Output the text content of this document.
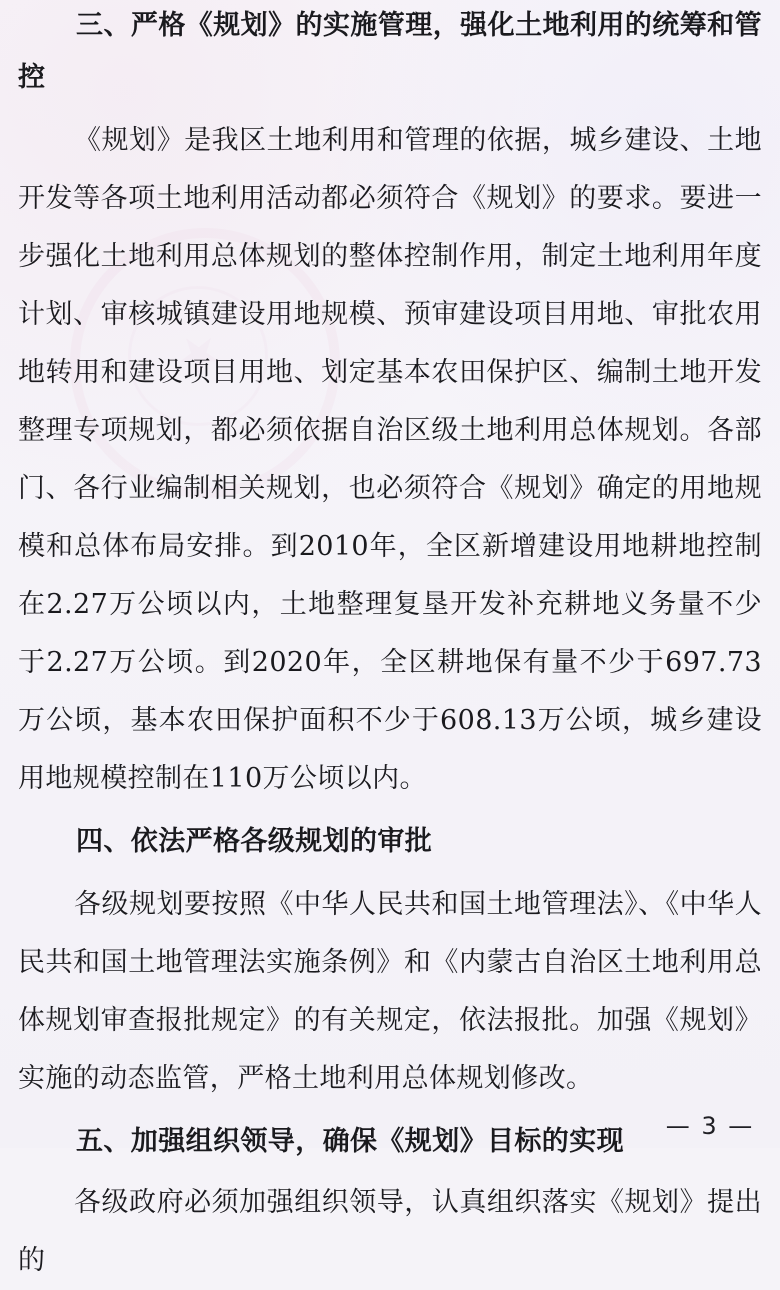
三、严格《规划》的实施管理，强化土地利用的统筹和管控

《规划》是我区土地利用和管理的依据，城乡建设、土地开发等各项土地利用活动都必须符合《规划》的要求。要进一步强化土地利用总体规划的整体控制作用，制定土地利用年度计划、审核城镇建设用地规模、预审建设项目用地、审批农用地转用和建设项目用地、划定基本农田保护区、编制土地开发整理专项规划，都必须依据自治区级土地利用总体规划。各部门、各行业编制相关规划，也必须符合《规划》确定的用地规模和总体布局安排。到2010年，全区新增建设用地耕地控制在2.27万公顷以内，土地整理复垦开发补充耕地义务量不少于2.27万公顷。到2020年，全区耕地保有量不少于697.73万公顷，基本农田保护面积不少于608.13万公顷，城乡建设用地规模控制在110万公顷以内。

四、依法严格各级规划的审批

各级规划要按照《中华人民共和国土地管理法》、《中华人民共和国土地管理法实施条例》和《内蒙古自治区土地利用总体规划审查报批规定》的有关规定，依法报批。加强《规划》实施的动态监管，严格土地利用总体规划修改。

五、加强组织领导，确保《规划》目标的实现

各级政府必须加强组织领导，认真组织落实《规划》提出的

— 3 —
